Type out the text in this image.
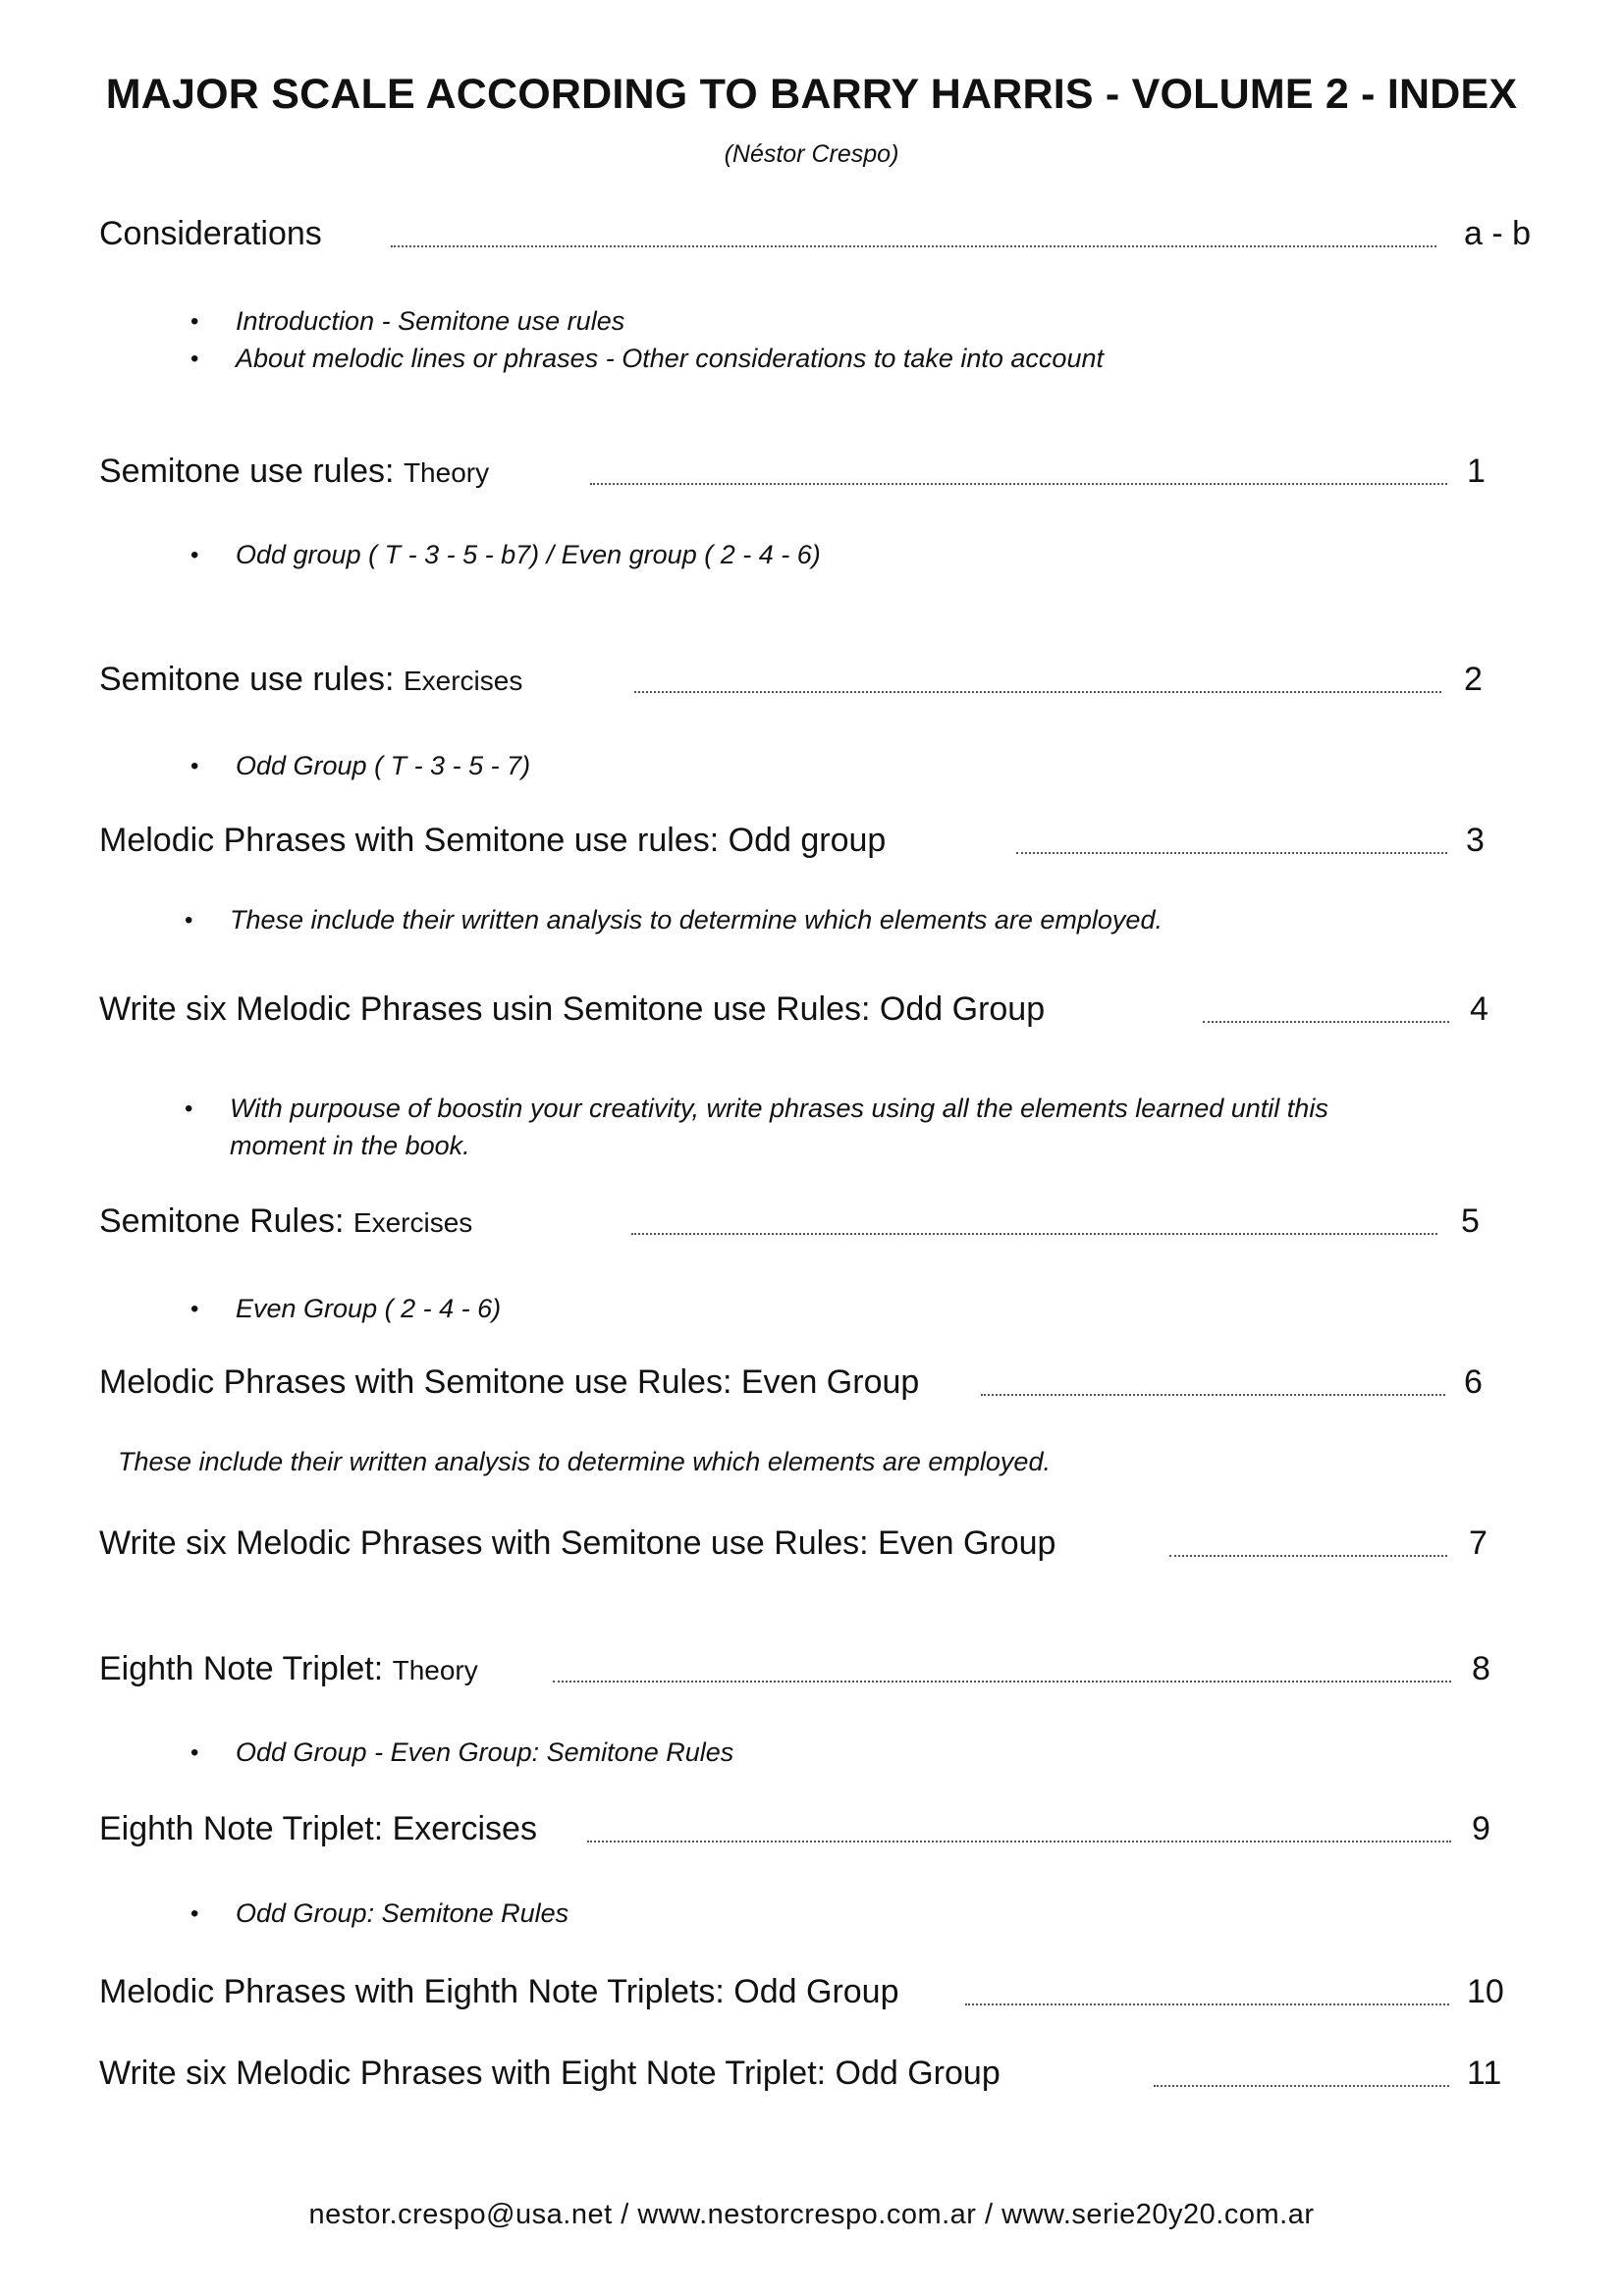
MAJOR SCALE ACCORDING TO BARRY HARRIS - VOLUME 2 - INDEX
(Néstor Crespo)
Considerations	a - b
• Introduction - Semitone use rules
• About melodic lines or phrases - Other considerations to take into account
Semitone use rules: Theory	1
• Odd group ( T - 3 - 5 - b7) / Even group ( 2 - 4 - 6)
Semitone use rules: Exercises	2
• Odd Group ( T - 3 - 5 - 7)
Melodic Phrases with Semitone use rules: Odd group	3
• These include their written analysis to determine which elements are employed.
Write six Melodic Phrases usin Semitone use Rules: Odd Group	4
• With purpouse of boostin your creativity, write phrases using all the elements learned until this
moment in the book.
Semitone Rules: Exercises	5
• Even Group ( 2 - 4 - 6)
Melodic Phrases with Semitone use Rules: Even Group	6
These include their written analysis to determine which elements are employed.
Write six Melodic Phrases with Semitone use Rules: Even Group	7
Eighth Note Triplet: Theory	8
• Odd Group - Even Group: Semitone Rules
Eighth Note Triplet: Exercises	9
• Odd Group: Semitone Rules
Melodic Phrases with Eighth Note Triplets: Odd Group	10
Write six Melodic Phrases with Eight Note Triplet: Odd Group	11
nestor.crespo@usa.net / www.nestorcrespo.com.ar / www.serie20y20.com.ar
